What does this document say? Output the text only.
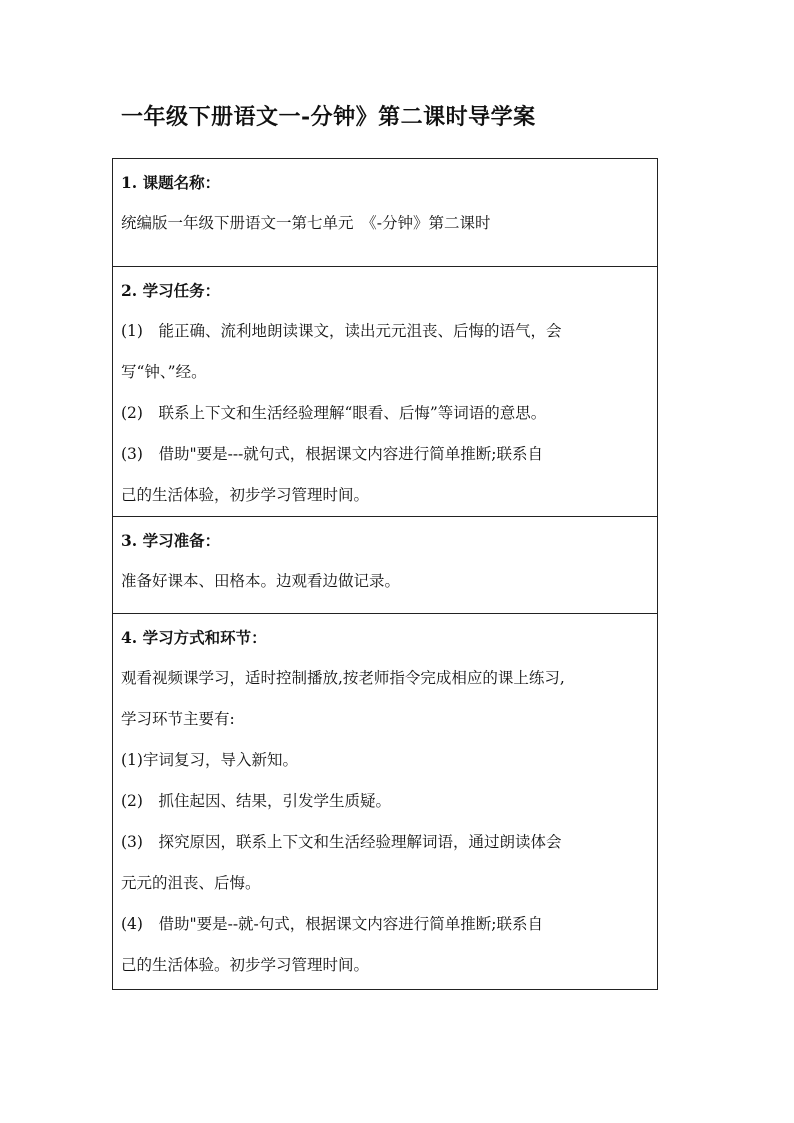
一年级下册语文一-分钟》第二课时导学案
1. 课题名称：
统编版一年级下册语文一第七单元　《-分钟》第二课时
2. 学习任务：
(1)　能正确、流利地朗读课文，读出元元沮丧、后悔的语气，会
写“钟、”经。
(2)　联系上下文和生活经验理解“眼看、后悔”等词语的意思。
(3)　借助"要是---就句式，根据课文内容进行简单推断;联系自
己的生活体验，初步学习管理时间。
3. 学习准备：
准备好课本、田格本。边观看边做记录。
4. 学习方式和环节：
观看视频课学习，适时控制播放,按老师指令完成相应的课上练习,
学习环节主要有:
(1)宇词复习，导入新知。
(2)　抓住起因、结果，引发学生质疑。
(3)　探究原因，联系上下文和生活经验理解词语，通过朗读体会
元元的沮丧、后悔。
(4)　借助"要是--就-句式，根据课文内容进行简单推断;联系自
己的生活体验。初步学习管理时间。
